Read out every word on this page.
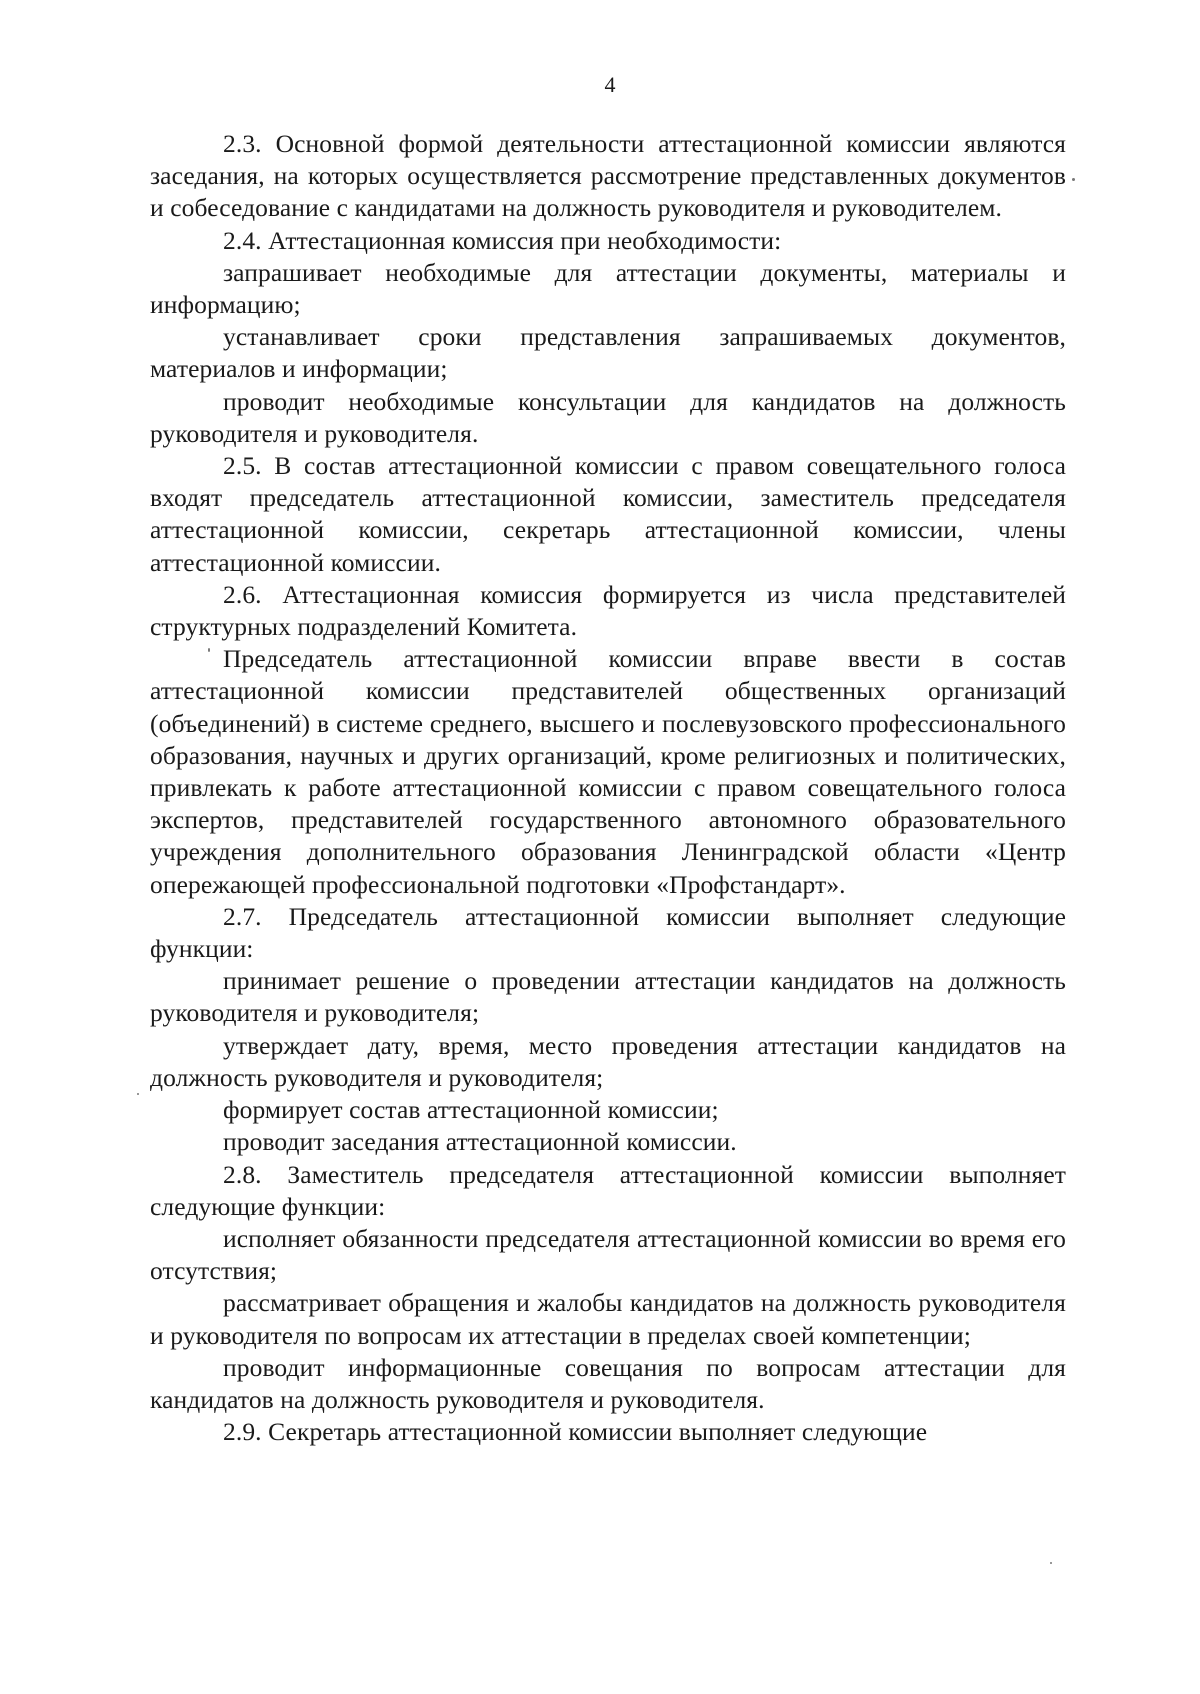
4

2.3. Основной формой деятельности аттестационной комиссии являются заседания, на которых осуществляется рассмотрение представленных документов и собеседование с кандидатами на должность руководителя и руководителем.

2.4. Аттестационная комиссия при необходимости:

запрашивает необходимые для аттестации документы, материалы и информацию;

устанавливает сроки представления запрашиваемых документов, материалов и информации;

проводит необходимые консультации для кандидатов на должность руководителя и руководителя.

2.5. В состав аттестационной комиссии с правом совещательного голоса входят председатель аттестационной комиссии, заместитель председателя аттестационной комиссии, секретарь аттестационной комиссии, члены аттестационной комиссии.

2.6. Аттестационная комиссия формируется из числа представителей структурных подразделений Комитета.

Председатель аттестационной комиссии вправе ввести в состав аттестационной комиссии представителей общественных организаций (объединений) в системе среднего, высшего и послевузовского профессионального образования, научных и других организаций, кроме религиозных и политических, привлекать к работе аттестационной комиссии с правом совещательного голоса экспертов, представителей государственного автономного образовательного учреждения дополнительного образования Ленинградской области «Центр опережающей профессиональной подготовки «Профстандарт».

2.7. Председатель аттестационной комиссии выполняет следующие функции:

принимает решение о проведении аттестации кандидатов на должность руководителя и руководителя;

утверждает дату, время, место проведения аттестации кандидатов на должность руководителя и руководителя;

формирует состав аттестационной комиссии;

проводит заседания аттестационной комиссии.

2.8. Заместитель председателя аттестационной комиссии выполняет следующие функции:

исполняет обязанности председателя аттестационной комиссии во время его отсутствия;

рассматривает обращения и жалобы кандидатов на должность руководителя и руководителя по вопросам их аттестации в пределах своей компетенции;

проводит информационные совещания по вопросам аттестации для кандидатов на должность руководителя и руководителя.

2.9. Секретарь аттестационной комиссии выполняет следующие
